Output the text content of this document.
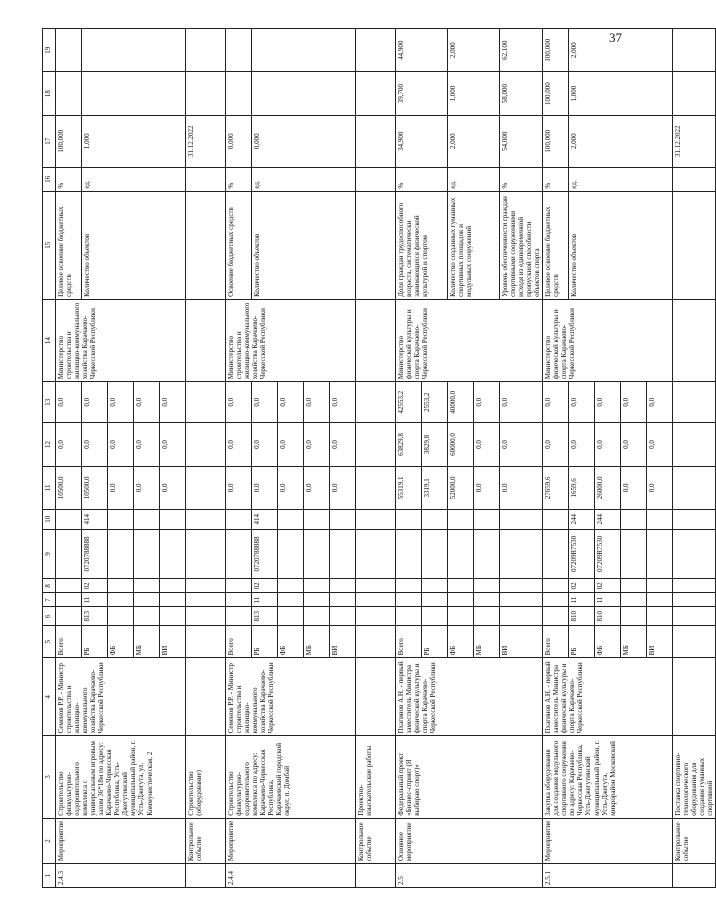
37
1	2	3	4	5	6	7	8	9	10	11	12	13	14	15	16	17	18	19
2.4.3	Мероприятие	Строительство физкультурно-оздоровительного комплекса с универсальным игровым залом 36*18м по адресу: Карачаево-Черкесская Республика, Усть-Джегутинский муниципальный район, г. Усть-Джегута, ул. Коммунистическая, 2	Семенов Р.Р. - Министр строительства и жилищно-коммунального хозяйства Карачаево-Черкесской Республики	Всего						10500,0	0,0	0,0	Министерство строительства и жилищно-коммунального хозяйства Карачаево-Черкесской Республики	Целевое освоение бюджетных средств	%	100,000		
				РБ	813	11	02	0720788888	414	10500,0	0,0	0,0		Количество объектов	ед.	1,000		
				ФБ						0,0	0,0	0,0						
				МБ						0,0	0,0	0,0						
				ВИ						0,0	0,0	0,0						
	Контрольное событие	Строительство (оборудование)														31.12.2022		
2.4.4	Мероприятие	Строительство физкультурно-оздоровительного комплекса по адресу: Карачаево-Черкесская Республика, Карачаевский городской округ, п. Домбай	Семенов Р.Р. - Министр строительства и жилищно-коммунального хозяйства Карачаево-Черкесской Республики	Всего						0,0	0,0	0,0	Министерство строительства и жилищно-коммунального хозяйства Карачаево-Черкесской Республики	Освоение бюджетных средств	%	0,000		
				РБ	813	11	02	0720788888	414	0,0	0,0	0,0		Количество объектов	ед.	0,000		
				ФБ						0,0	0,0	0,0						
				МБ						0,0	0,0	0,0						
				ВИ						0,0	0,0	0,0						
	Контрольное событие	Проектно-изыскательские работы																
2.5	Основное мероприятие	Федеральный проект «Бизнес-спринт (Я выбираю спорт)»	Пхагинов А.Н. - первый заместитель Министра физической культуры и спорта Карачаево-Черкесской Республики	Всего						55319,1	63829,8	42553,2	Министерство физической культуры и спорта Карачаево-Черкесской Республики	Доля граждан трудоспособного возраста, систематически занимающихся физической культурой и спортом	%	34,900	39,700	44,900
				РБ						3319,1	3829,8	2553,2						
				ФБ						52000,0	60000,0	40000,0		Количество созданных гуманных спортивных площадок и модульных сооружений	ед.	2,000	1,000	2,000
				МБ						0,0	0,0	0,0						
				ВИ						0,0	0,0	0,0		Уровень обеспеченности граждан спортивными сооружениями исходя из единовременной пропускной способности объектов спорта	%	54,000	58,000	62,100
2.5.1	Мероприятие	Закупка оборудования для создания модульного спортивного сооружения по адресу: Карачаево-Черкесская Республика, Усть-Джегутинский муниципальный район, г. Усть-Джегута, микрорайон Московский	Пхагинов А.Н. - первый заместитель Министра физической культуры и спорта Карачаево-Черкесской Республики	Всего						27659,6	0,0	0,0	Министерство физической культуры и спорта Карачаево-Черкесской Республики	Целевое освоение бюджетных средств	%	100,000	100,000	100,000
				РБ	810	11	02	07209R7530	244	1659,6	0,0	0,0		Количество объектов	ед.	2,000	1,000	2,000
				ФБ	810	11	02	07209R7530	244	26000,0	0,0	0,0						
				МБ						0,0	0,0	0,0						
				ВИ						0,0	0,0	0,0						
	Контрольное событие	Поставка спортивно-технологического оборудования для создания гуманных спортивной														31.12.2022		
